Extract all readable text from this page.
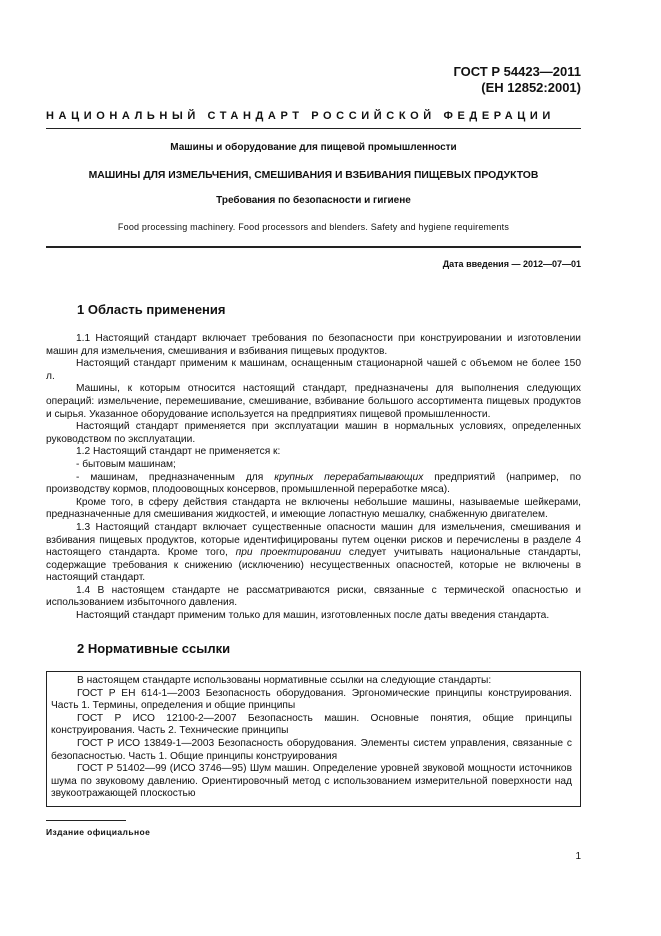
ГОСТ Р 54423—2011
(ЕН 12852:2001)
НАЦИОНАЛЬНЫЙ СТАНДАРТ РОССИЙСКОЙ ФЕДЕРАЦИИ
Машины и оборудование для пищевой промышленности
МАШИНЫ ДЛЯ ИЗМЕЛЬЧЕНИЯ, СМЕШИВАНИЯ И ВЗБИВАНИЯ ПИЩЕВЫХ ПРОДУКТОВ
Требования по безопасности и гигиене
Food processing machinery. Food processors and blenders. Safety and hygiene requirements
Дата введения — 2012—07—01
1 Область применения

1.1 Настоящий стандарт включает требования по безопасности при конструировании и изготовлении машин для измельчения, смешивания и взбивания пищевых продуктов.

Настоящий стандарт применим к машинам, оснащенным стационарной чашей с объемом не более 150 л.

Машины, к которым относится настоящий стандарт, предназначены для выполнения следующих операций: измельчение, перемешивание, смешивание, взбивание большого ассортимента пищевых продуктов и сырья. Указанное оборудование используется на предприятиях пищевой промышленности.

Настоящий стандарт применяется при эксплуатации машин в нормальных условиях, определенных руководством по эксплуатации.

1.2 Настоящий стандарт не применяется к:

- бытовым машинам;

- машинам, предназначенным для крупных перерабатывающих предприятий (например, по производству кормов, плодоовощных консервов, промышленной переработке мяса).

Кроме того, в сферу действия стандарта не включены небольшие машины, называемые шейкерами, предназначенные для смешивания жидкостей, и имеющие лопастную мешалку, снабженную двигателем.

1.3 Настоящий стандарт включает существенные опасности машин для измельчения, смешивания и взбивания пищевых продуктов, которые идентифицированы путем оценки рисков и перечислены в разделе 4 настоящего стандарта. Кроме того, при проектировании следует учитывать национальные стандарты, содержащие требования к снижению (исключению) несущественных опасностей, которые не включены в настоящий стандарт.

1.4 В настоящем стандарте не рассматриваются риски, связанные с термической опасностью и использованием избыточного давления.

Настоящий стандарт применим только для машин, изготовленных после даты введения стандарта.

2 Нормативные ссылки

В настоящем стандарте использованы нормативные ссылки на следующие стандарты:

ГОСТ Р ЕН 614-1—2003 Безопасность оборудования. Эргономические принципы конструирования. Часть 1. Термины, определения и общие принципы

ГОСТ Р ИСО 12100-2—2007 Безопасность машин. Основные понятия, общие принципы конструирования. Часть 2. Технические принципы

ГОСТ Р ИСО 13849-1—2003 Безопасность оборудования. Элементы систем управления, связанные с безопасностью. Часть 1. Общие принципы конструирования

ГОСТ Р 51402—99 (ИСО 3746—95) Шум машин. Определение уровней звуковой мощности источников шума по звуковому давлению. Ориентировочный метод с использованием измерительной поверхности над звукоотражающей плоскостью

Издание официальное
1
